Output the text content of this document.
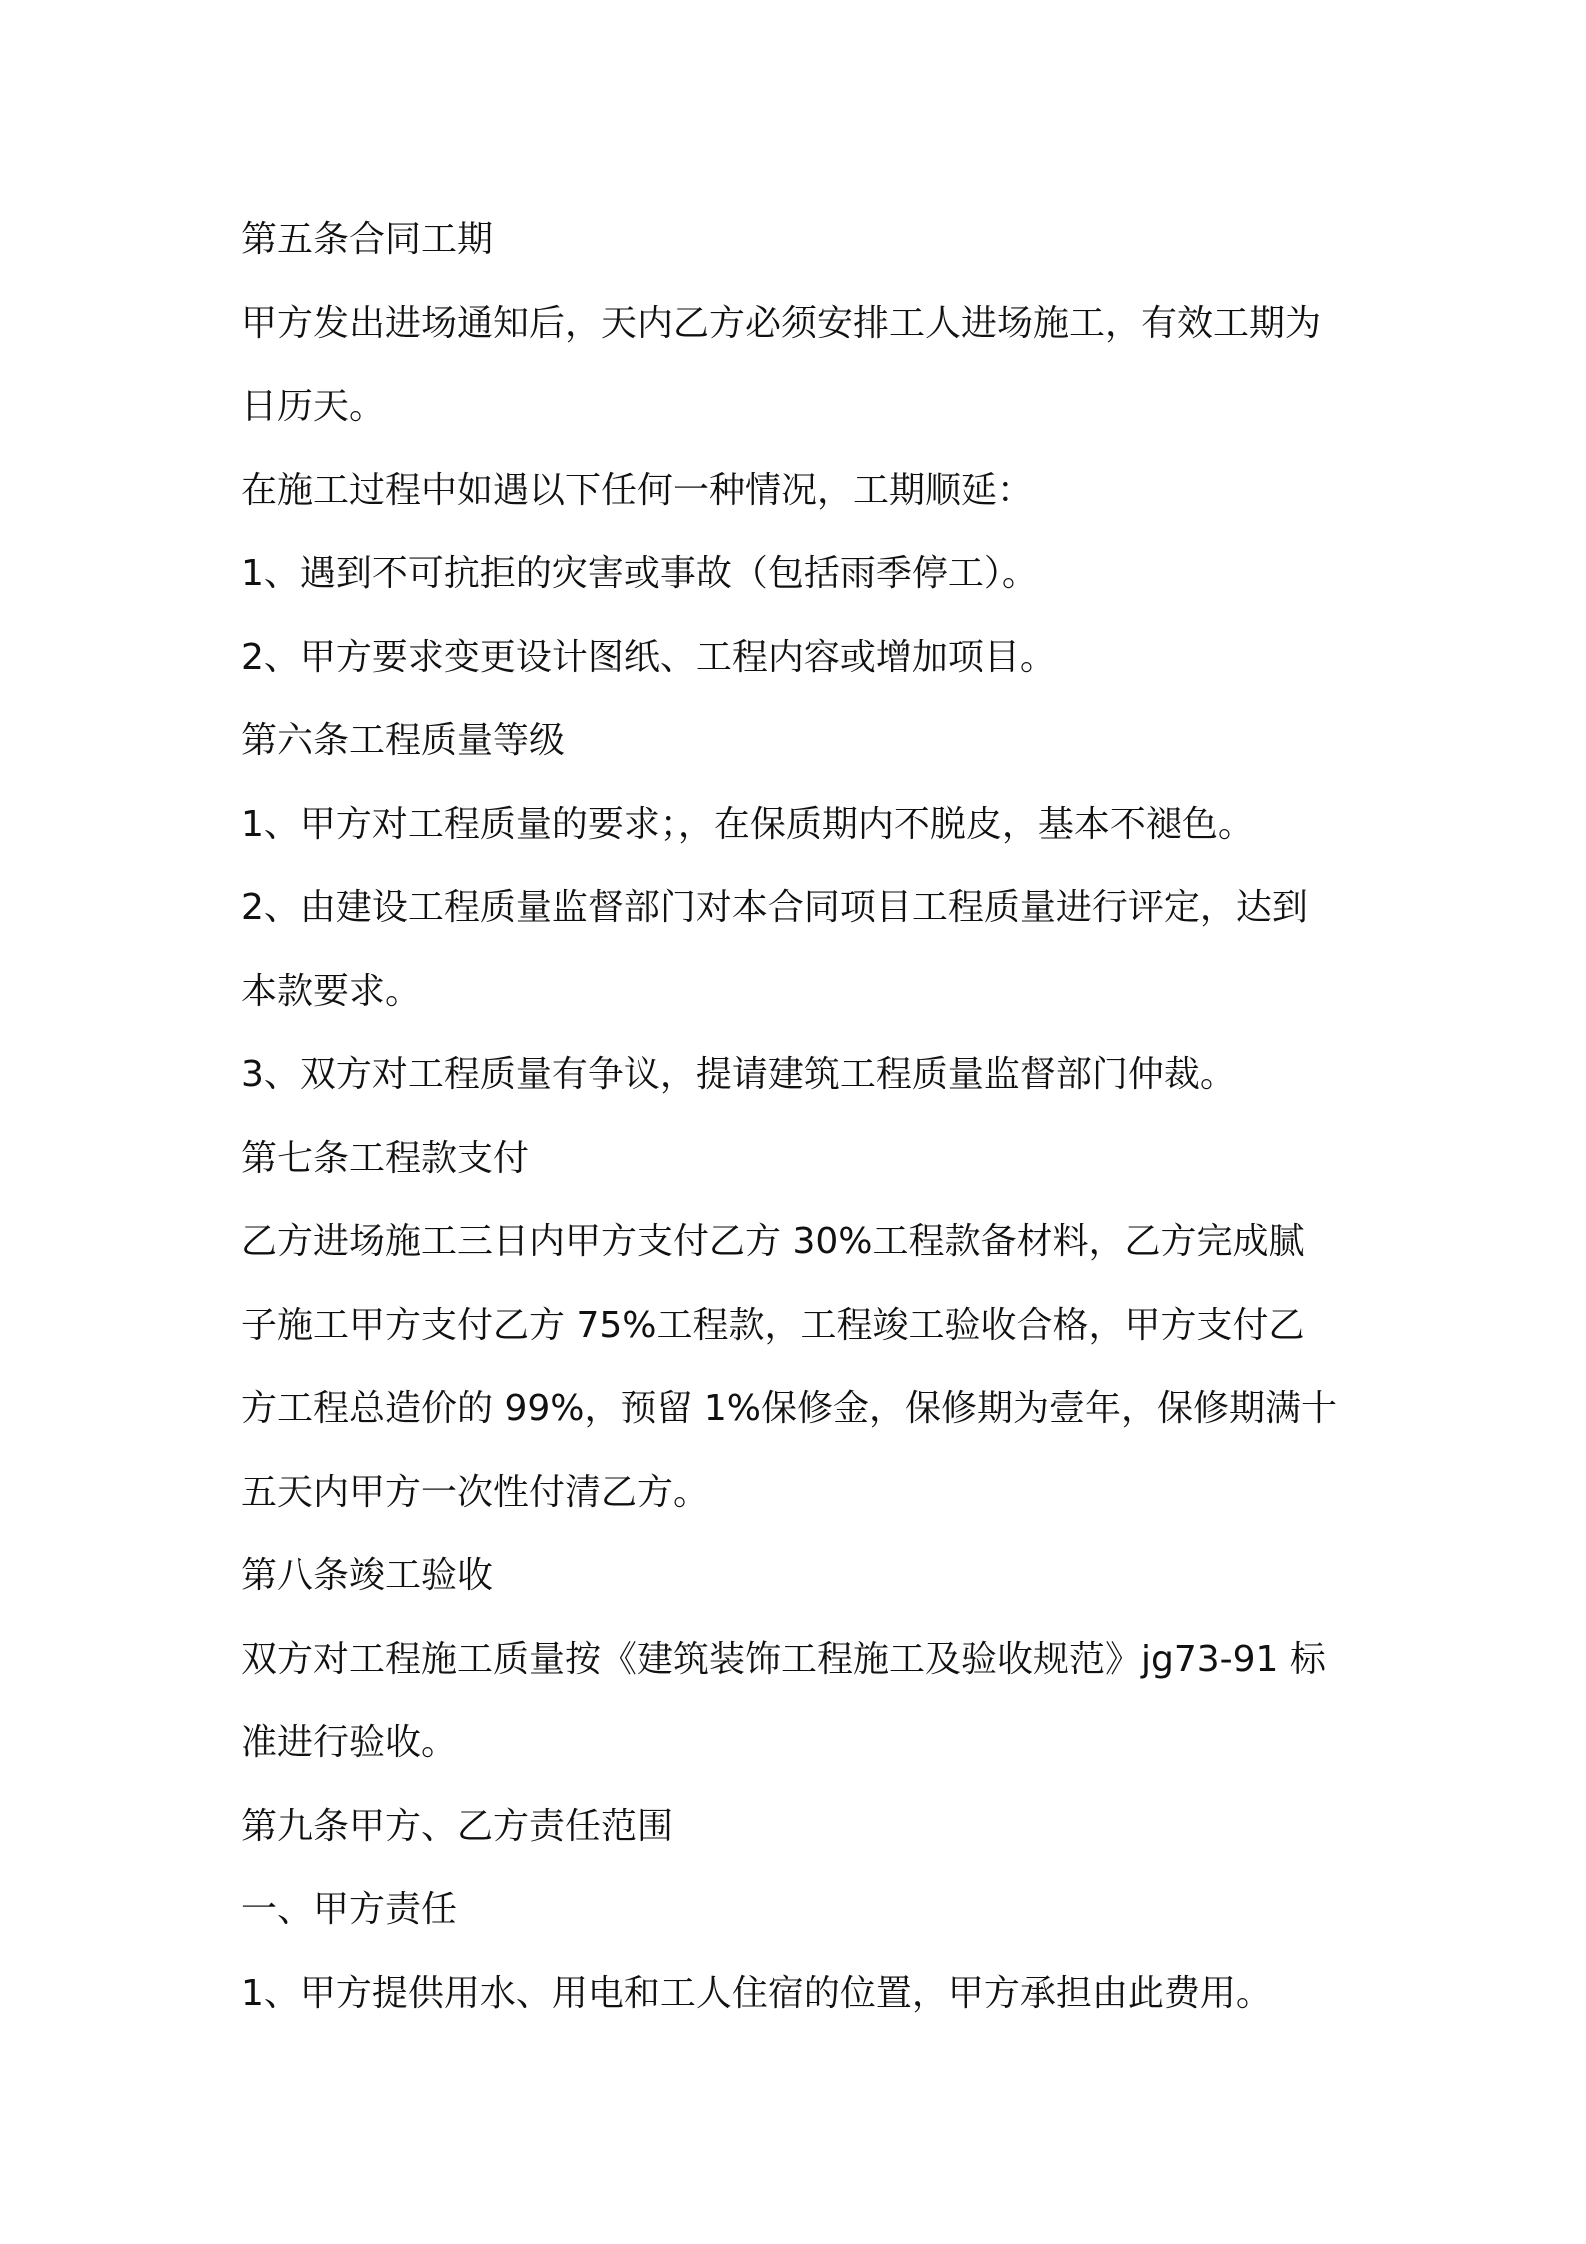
第五条合同工期

甲方发出进场通知后，天内乙方必须安排工人进场施工，有效工期为

日历天。

在施工过程中如遇以下任何一种情况，工期顺延：

1、遇到不可抗拒的灾害或事故（包括雨季停工）。

2、甲方要求变更设计图纸、工程内容或增加项目。

第六条工程质量等级

1、甲方对工程质量的要求；，在保质期内不脱皮，基本不褪色。

2、由建设工程质量监督部门对本合同项目工程质量进行评定，达到

本款要求。

3、双方对工程质量有争议，提请建筑工程质量监督部门仲裁。

第七条工程款支付

乙方进场施工三日内甲方支付乙方 30%工程款备材料，乙方完成腻

子施工甲方支付乙方 75%工程款，工程竣工验收合格，甲方支付乙

方工程总造价的 99%，预留 1%保修金，保修期为壹年，保修期满十

五天内甲方一次性付清乙方。

第八条竣工验收

双方对工程施工质量按《建筑装饰工程施工及验收规范》jg73-91 标

准进行验收。

第九条甲方、乙方责任范围

一、甲方责任

1、甲方提供用水、用电和工人住宿的位置，甲方承担由此费用。
